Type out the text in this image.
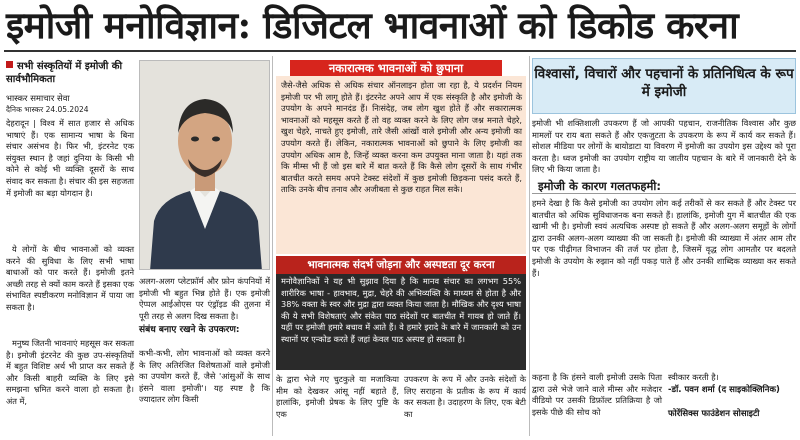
इमोजी मनोविज्ञान: डिजिटल भावनाओं को डिकोड करना
सभी संस्कृतियों में इमोजी की सार्वभौमिकता
भास्कर समाचार सेवा
दैनिक भास्कर 24.05.2024
देहरादून | विश्व में सात हजार से अधिक भाषाएं हैं। एक सामान्य भाषा के बिना संचार असंभव है। फिर भी, इंटरनेट एक संयुक्त स्थान है जहां दुनिया के किसी भी कोने से कोई भी व्यक्ति दूसरों के साथ संवाद कर सकता है। संचार की इस सहजता में इमोजी का बड़ा योगदान है।
ये लोगों के बीच भावनाओं को व्यक्त करने की सुविधा के लिए सभी भाषा बाधाओं को पार करते हैं। इमोजी इतने अच्छी तरह से क्यों काम करते हैं इसका एक संभावित स्पष्टीकरण मनोविज्ञान में पाया जा सकता है।
मनुष्य जितनी भावनाएं महसूस कर सकता है। इमोजी इंटरनेट की कुछ उप-संस्कृतियों में बहुत विशिष्ट अर्थ भी प्राप्त कर सकते हैं और किसी बाहरी व्यक्ति के लिए इसे समझना भ्रमित करने वाला हो सकता है। अंत में,
अलग-अलग प्लेटफ़ॉर्म और फ़ोन कंपनियों में इमोजी भी बहुत भिन्न होते हैं। एक इमोजी ऐप्पल आईओएस पर एंड्रॉइड की तुलना में पूरी तरह से अलग दिख सकता है।
संबंध बनाए रखने के उपकरण:
कभी-कभी, लोग भावनाओं को व्यक्त करने के लिए अतिरंजित विशेषताओं वाले इमोजी का उपयोग करते हैं, जैसे 'आंसुओं के साथ हंसने वाला इमोजी'। यह स्पष्ट है कि ज्यादातर लोग किसी
नकारात्मक भावनाओं को छुपाना
जैसे-जैसे अधिक से अधिक संचार ऑनलाइन होता जा रहा है, ये प्रदर्शन नियम इमोजी पर भी लागू होते हैं। इंटरनेट अपने आप में एक संस्कृति है और इमोजी के उपयोग के अपने मानदंड हैं। निःसंदेह, जब लोग खुश होते हैं और सकारात्मक भावनाओं को महसूस करते हैं तो वह व्यक्त करने के लिए लोग जश्न मनाते चेहरे, खुश चेहरे, नाचते हुए इमोजी, तारे जैसी आंखों वाले इमोजी और अन्य इमोजी का उपयोग करते हैं। लेकिन, नकारात्मक भावनाओं को छुपाने के लिए इमोजी का उपयोग अधिक आम है, जिन्हें व्यक्त करना कम उपयुक्त माना जाता है। यहां तक कि मीम्स भी हैं जो इस बारे में बात करते हैं कि कैसे लोग दूसरों के साथ गंभीर बातचीत करते समय अपने टेक्स्ट संदेशों में कुछ इमोजी छिड़कना पसंद करते हैं, ताकि उनके बीच तनाव और अजीबता से कुछ राहत मिल सके।
भावनात्मक संदर्भ जोड़ना और अस्पष्टता दूर करना
मनोवैज्ञानिकों ने यह भी सुझाव दिया है कि मानव संचार का लगभग 55% शारीरिक भाषा - हावभाव, मुद्रा, चेहरे की अभिव्यक्ति के माध्यम से होता है और 38% वक्ता के स्वर और मुद्रा द्वारा व्यक्त किया जाता है। मौखिक और दृश्य भाषा की ये सभी विशेषताएं और संकेत पाठ संदेशों पर बातचीत में गायब हो जाते हैं। यहीं पर इमोजी हमारे बचाव में आते हैं। वे हमारे इरादे के बारे में जानकारी को उन स्थानों पर एन्कोड करते हैं जहां केवल पाठ अस्पष्ट हो सकता है।
के द्वारा भेजे गए चुटकुले या मजाकिया मीम को देखकर आंसू नहीं बहाते हैं, हालांकि, इमोजी प्रेषक के लिए पुष्टि के एक
उपकरण के रूप में और उनके संदेशों के लिए सराहना के प्रतीक के रूप में कार्य कर सकता है। उदाहरण के लिए, एक बेटी का
विश्वासों, विचारों और पहचानों के प्रतिनिधित्व के रूप में इमोजी
इमोजी भी शक्तिशाली उपकरण हैं जो आपकी पहचान, राजनीतिक विश्वास और कुछ मामलों पर राय बता सकते हैं और एकजुटता के उपकरण के रूप में कार्य कर सकते हैं। सोशल मीडिया पर लोगों के बायोडाटा या विवरण में इमोजी का उपयोग इस उद्देश्य को पूरा करता है। ध्वज इमोजी का उपयोग राष्ट्रीय या जातीय पहचान के बारे में जानकारी देने के लिए भी किया जाता है।
इमोजी के कारण गलतफहमी:
हमने देखा है कि कैसे इमोजी का उपयोग लोग कई तरीकों से कर सकते हैं और टेक्स्ट पर बातचीत को अधिक सुविधाजनक बना सकते हैं। हालांकि, इमोजी युग में बातचीत की एक खामी भी है। इमोजी स्वयं अत्यधिक अस्पष्ट हो सकते हैं और अलग-अलग समूहों के लोगों द्वारा उनकी अलग-अलग व्याख्या की जा सकती है। इमोजी की व्याख्या में अंतर आम तौर पर एक पीढ़ीगत विभाजन की तर्ज पर होता है, जिसमें वृद्ध लोग आमतौर पर बदलते इमोजी के उपयोग के रुझान को नहीं पकड़ पाते हैं और उनकी शाब्दिक व्याख्या कर सकते हैं।
कहना है कि हंसने वाली इमोजी उसके पिता द्वारा उसे भेजे जाने वाले मीम्स और मजेदार वीडियो पर उसकी डिफ़ॉल्ट प्रतिक्रिया है जो इसके पीछे की सोच को
स्वीकार करती है।
-डॉ. पवन शर्मा (द साइकोक्लिनिक)
फोरेंसिक्स फाउंडेशन सोसाइटी
